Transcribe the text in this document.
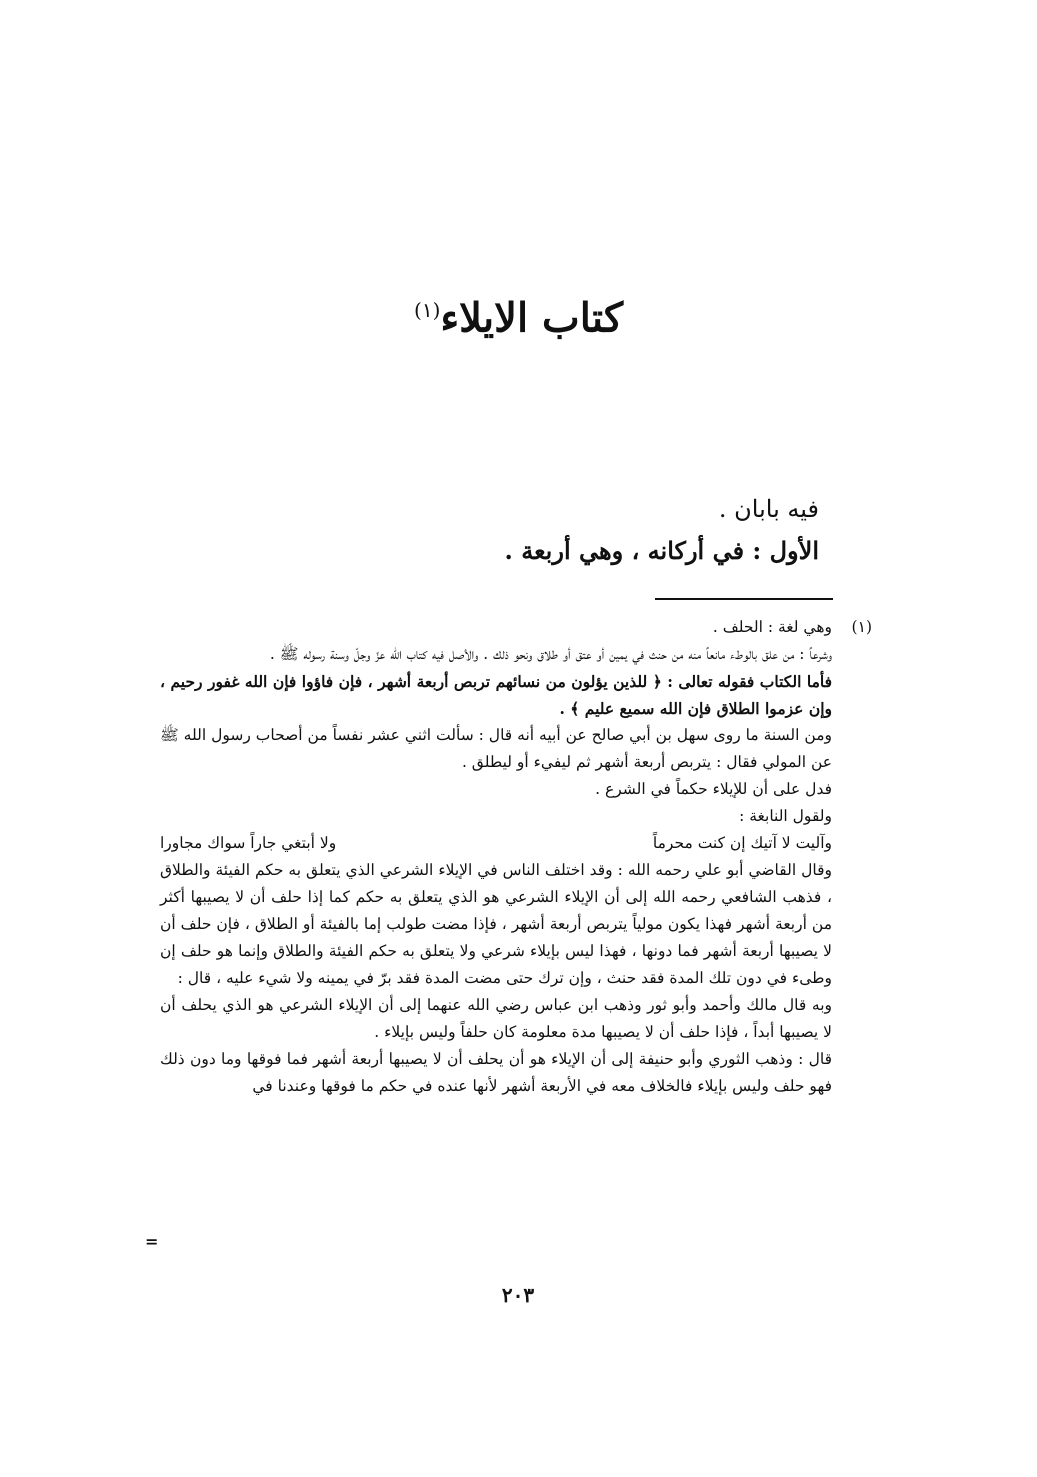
كتاب الايلاء$^{(١)}$

فيه بابان .

الأول : في أركانه ، وهي أربعة .

(١)وهي لغة : الحلف .

وشرعاً : من علق بالوطء مانعاً منه من حنث في يمين أو عتق أو طلاق ونحو ذلك . والأصل فيه كتاب الله عزّ وجلّ وسنة رسوله ﷺ .

فأما الكتاب فقوله تعالى : ﴿ للذين يؤلون من نسائهم تربص أربعة أشهر ، فإن فاؤوا فإن الله غفور رحيم ، وإن عزموا الطلاق فإن الله سميع عليم ﴾ .

ومن السنة ما روى سهل بن أبي صالح عن أبيه أنه قال : سألت اثني عشر نفساً من أصحاب رسول الله ﷺ عن المولي فقال : يتربص أربعة أشهر ثم ليفيء أو ليطلق .

فدل على أن للإيلاء حكماً في الشرع .

ولقول النابغة :

وآليت لا آتيك إن كنت محرماً
ولا أبتغي جاراً سواك مجاورا

وقال القاضي أبو علي رحمه الله : وقد اختلف الناس في الإيلاء الشرعي الذي يتعلق به حكم الفيئة والطلاق ، فذهب الشافعي رحمه الله إلى أن الإيلاء الشرعي هو الذي يتعلق به حكم كما إذا حلف أن لا يصيبها أكثر من أربعة أشهر فهذا يكون مولياً يتربص أربعة أشهر ، فإذا مضت طولب إما بالفيئة أو الطلاق ، فإن حلف أن لا يصيبها أربعة أشهر فما دونها ، فهذا ليس بإيلاء شرعي ولا يتعلق به حكم الفيئة والطلاق وإنما هو حلف إن وطىء في دون تلك المدة فقد حنث ، وإن ترك حتى مضت المدة فقد برّ في يمينه ولا شيء عليه ، قال :

وبه قال مالك وأحمد وأبو ثور وذهب ابن عباس رضي الله عنهما إلى أن الإيلاء الشرعي هو الذي يحلف أن لا يصيبها أبداً ، فإذا حلف أن لا يصيبها مدة معلومة كان حلفاً وليس بإيلاء .

قال : وذهب الثوري وأبو حنيفة إلى أن الإيلاء هو أن يحلف أن لا يصيبها أربعة أشهر فما فوقها وما دون ذلك فهو حلف وليس بإيلاء فالخلاف معه في الأربعة أشهر لأنها عنده في حكم ما فوقها وعندنا في

=
٢٠٣
